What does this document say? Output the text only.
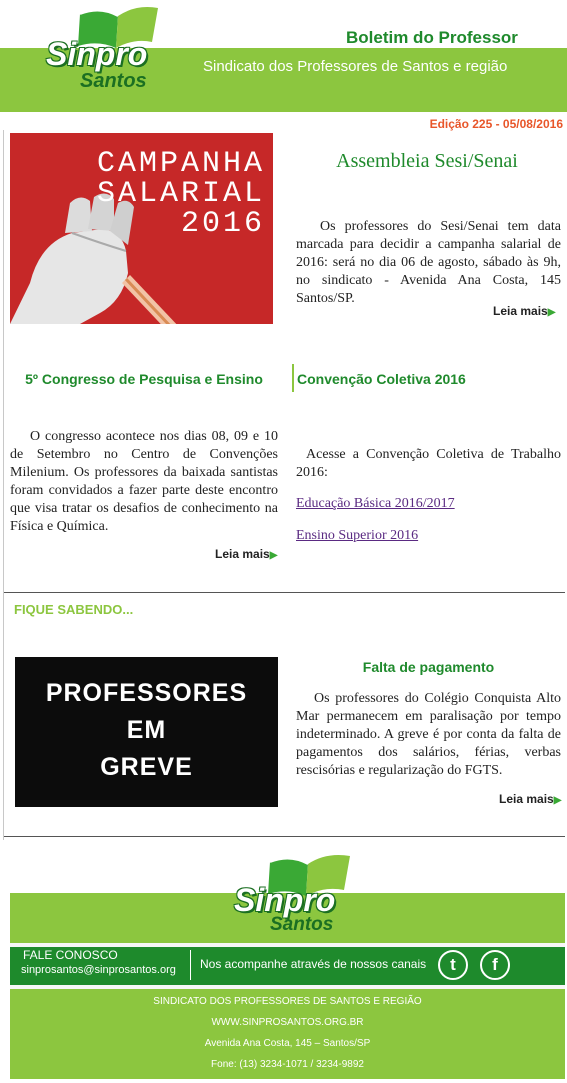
Sinpro
Santos
Boletim do Professor
Sindicato dos Professores de Santos e região
Edição 225 - 05/08/2016
CAMPANHA
SALARIAL
2016
Assembleia Sesi/Senai
Os professores do Sesi/Senai tem data marcada para decidir a campanha salarial de 2016: será no dia 06 de agosto, sábado às 9h, no sindicato - Avenida Ana Costa, 145 Santos/SP.
Leia mais▶
5º Congresso de Pesquisa e Ensino	Convenção Coletiva 2016
O congresso acontece nos dias 08, 09 e 10 de Setembro no Centro de Convenções Milenium. Os professores da baixada santistas foram convidados a fazer parte deste encontro que visa tratar os desafios de conhecimento na Física e Química.
Leia mais▶
Acesse a Convenção Coletiva de Trabalho 2016:
Educação Básica 2016/2017
Ensino Superior 2016
FIQUE SABENDO...
PROFESSORES
EM
GREVE
Falta de pagamento
Os professores do Colégio Conquista Alto Mar permanecem em paralisação por tempo indeterminado. A greve é por conta da falta de pagamentos dos salários, férias, verbas rescisórias e regularização do FGTS.
Leia mais▶
Sinpro
Santos
FALE CONOSCO
sinprosantos@sinprosantos.org Nos acompanhe através de nossos canais	t	f
SINDICATO DOS PROFESSORES DE SANTOS E REGIÃO
WWW.SINPROSANTOS.ORG.BR
Avenida Ana Costa, 145 – Santos/SP
Fone: (13) 3234-1071 / 3234-9892
